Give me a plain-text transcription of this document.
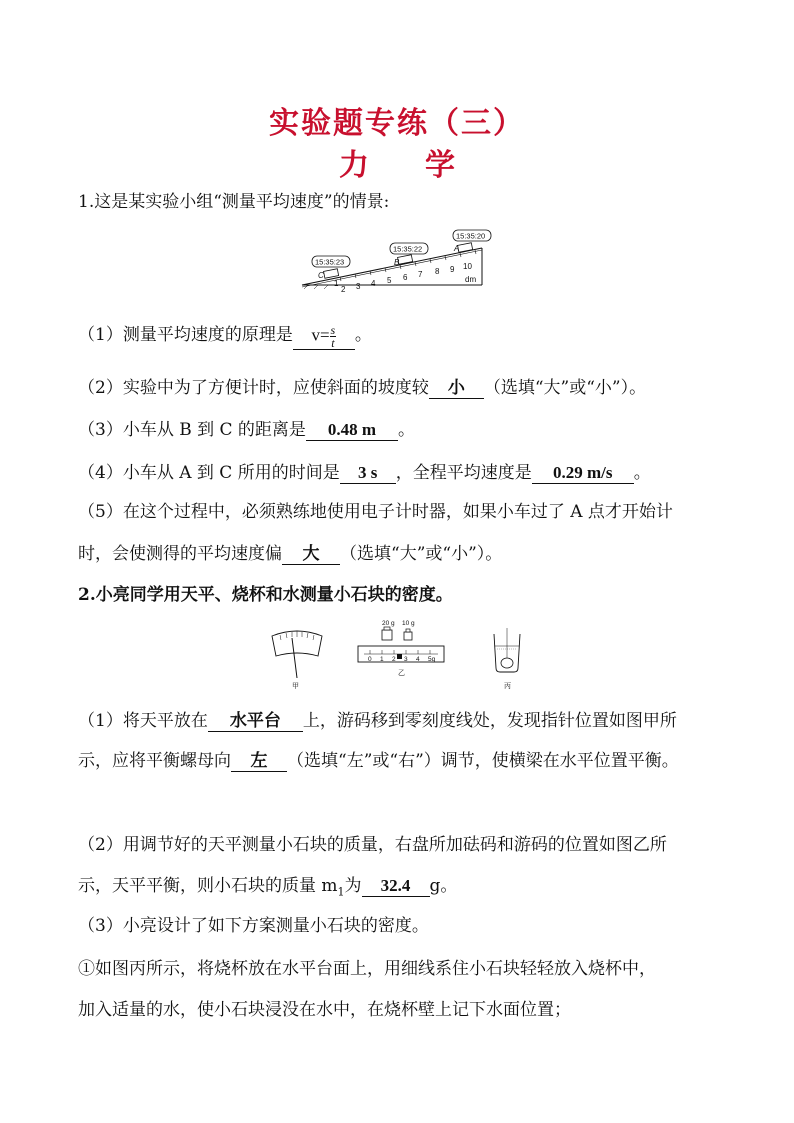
实验题专练（三）
力 学
1.这是某实验小组“测量平均速度”的情景:
1
2 3 4 5 6 7 8 9 10
dm
C
B
A
15:35:23
15:35:22
15:35:20
（1）测量平均速度的原理是 $v= \frac{s}{t}$ 。
（2）实验中为了方便计时，应使斜面的坡度较 小 （选填“大”或“小”）。
（3）小车从 B 到 C 的距离是 0.48 m 。
（4）小车从 A 到 C 所用的时间是 3 s ，全程平均速度是 0.29 m/s 。
（5）在这个过程中，必须熟练地使用电子计时器，如果小车过了 A 点才开始计
时，会使测得的平均速度偏 大 （选填“大”或“小”）。
2.小亮同学用天平、烧杯和水测量小石块的密度。
甲
20 g 10 g
0 1 2 3 4 5g
乙
丙
（1）将天平放在 水平台 上，游码移到零刻度线处，发现指针位置如图甲所
示，应将平衡螺母向 左 （选填“左”或“右”）调节，使横梁在水平位置平衡。
（2）用调节好的天平测量小石块的质量，右盘所加砝码和游码的位置如图乙所
示，天平平衡，则小石块的质量 $m_1$为 32.4 g。
（3）小亮设计了如下方案测量小石块的密度。
①如图丙所示，将烧杯放在水平台面上，用细线系住小石块轻轻放入烧杯中，
加入适量的水，使小石块浸没在水中，在烧杯壁上记下水面位置；
